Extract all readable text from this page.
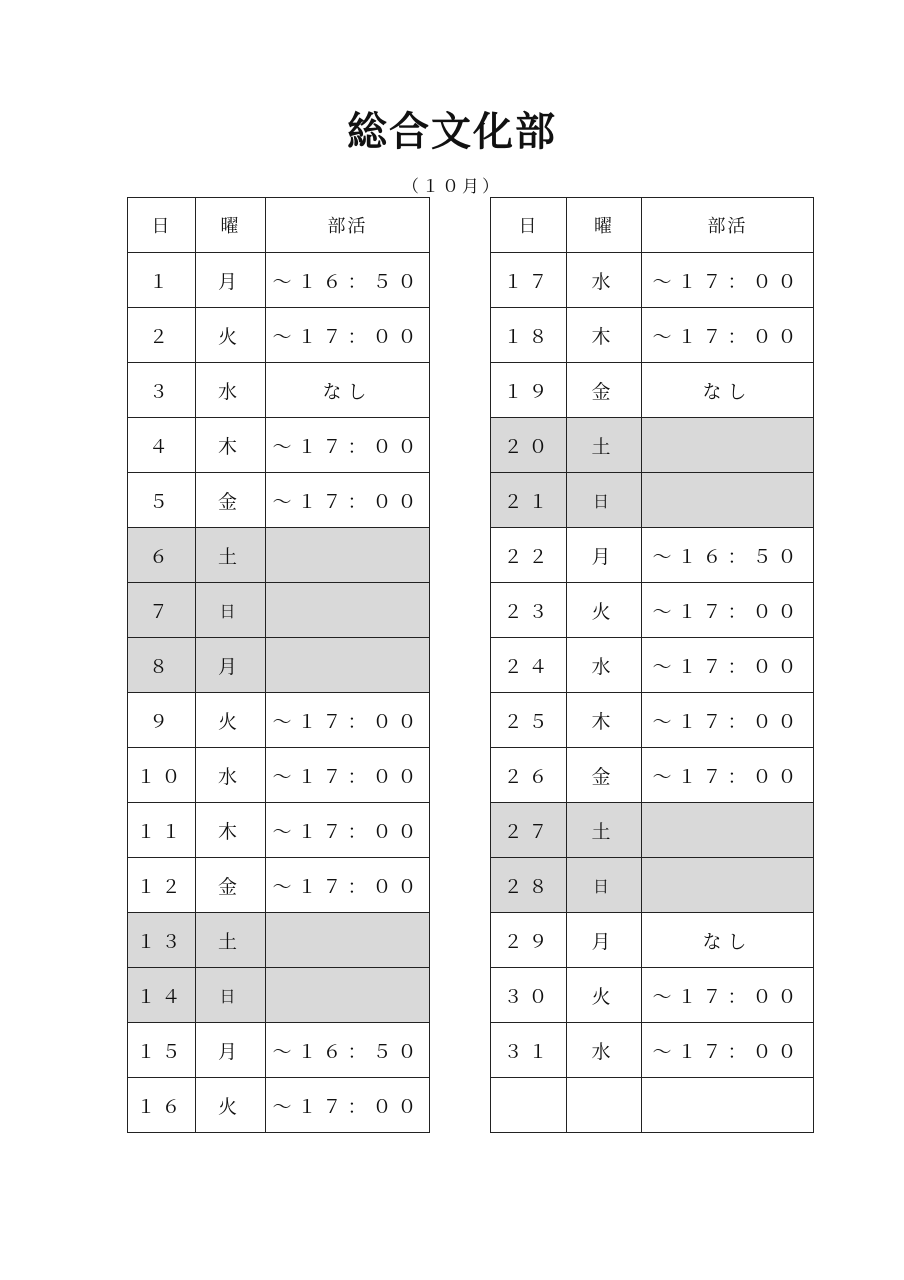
総合文化部
（１０月）
日	曜	部活
１	月	～１６：５０
２	火	～１７：００
３	水	なし
４	木	～１７：００
５	金	～１７：００
６	土	
７	日	
８	月	
９	火	～１７：００
１０	水	～１７：００
１１	木	～１７：００
１２	金	～１７：００
１３	土	
１４	日	
１５	月	～１６：５０
１６	火	～１７：００
日	曜	部活
１７	水	～１７：００
１８	木	～１７：００
１９	金	なし
２０	土	
２１	日	
２２	月	～１６：５０
２３	火	～１７：００
２４	水	～１７：００
２５	木	～１７：００
２６	金	～１７：００
２７	土	
２８	日	
２９	月	なし
３０	火	～１７：００
３１	水	～１７：００
